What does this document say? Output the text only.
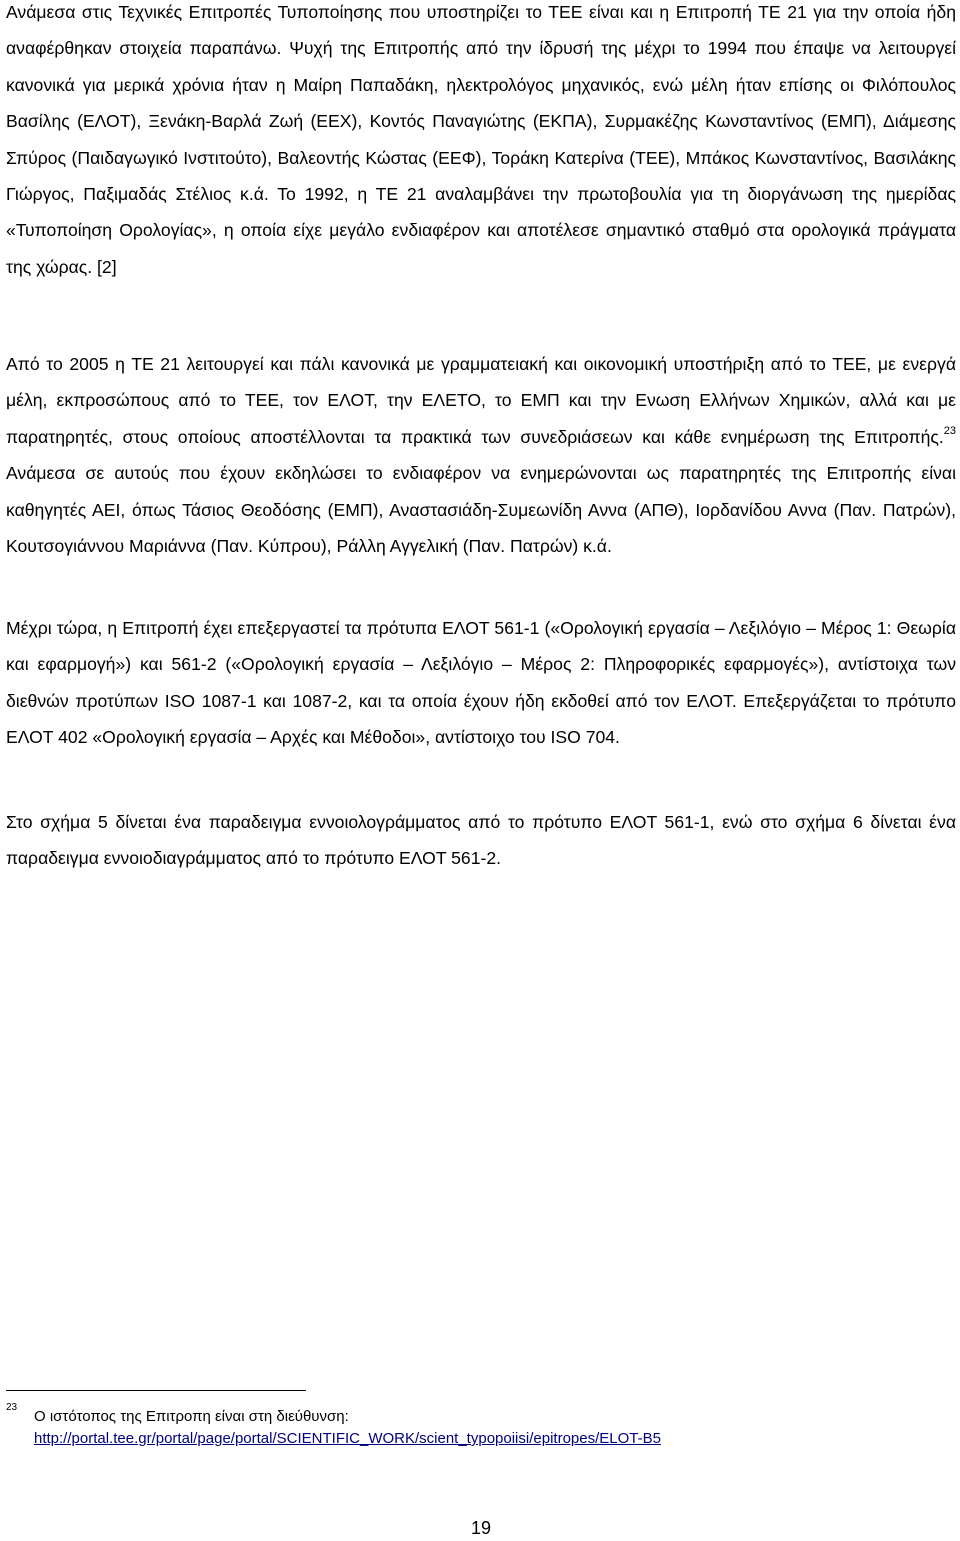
Ανάμεσα στις Τεχνικές Επιτροπές Τυποποίησης που υποστηρίζει το ΤΕΕ είναι και η Επιτροπή ΤΕ 21 για την οποία ήδη αναφέρθηκαν στοιχεία παραπάνω. Ψυχή της Επιτροπής από την ίδρυσή της μέχρι το 1994 που έπαψε να λειτουργεί κανονικά για μερικά χρόνια ήταν η Μαίρη Παπαδάκη, ηλεκτρολόγος μηχανικός, ενώ μέλη ήταν επίσης οι Φιλόπουλος Βασίλης (ΕΛΟΤ), Ξενάκη-Βαρλά Ζωή (ΕΕΧ), Κοντός Παναγιώτης (ΕΚΠΑ), Συρμακέζης Κωνσταντίνος (ΕΜΠ), Διάμεσης Σπύρος (Παιδαγωγικό Ινστιτούτο), Βαλεοντής Κώστας (ΕΕΦ), Τοράκη Κατερίνα (ΤΕΕ), Μπάκος Κωνσταντίνος, Βασιλάκης Γιώργος, Παξιμαδάς Στέλιος κ.ά. Το 1992, η ΤΕ 21 αναλαμβάνει την πρωτοβουλία για τη διοργάνωση της ημερίδας «Τυποποίηση Ορολογίας», η οποία είχε μεγάλο ενδιαφέρον και αποτέλεσε σημαντικό σταθμό στα ορολογικά πράγματα της χώρας. [2]

Από το 2005 η ΤΕ 21 λειτουργεί και πάλι κανονικά με γραμματειακή και οικονομική υποστήριξη από το ΤΕΕ, με ενεργά μέλη, εκπροσώπους από το ΤΕΕ, τον ΕΛΟΤ, την ΕΛΕΤΟ, το ΕΜΠ και την Ενωση Ελλήνων Χημικών, αλλά και με παρατηρητές, στους οποίους αποστέλλονται τα πρακτικά των συνεδριάσεων και κάθε ενημέρωση της Επιτροπής.$^{23}$ Ανάμεσα σε αυτούς που έχουν εκδηλώσει το ενδιαφέρον να ενημερώνονται ως παρατηρητές της Επιτροπής είναι καθηγητές ΑΕΙ, όπως Τάσιος Θεοδόσης (ΕΜΠ), Αναστασιάδη-Συμεωνίδη Αννα (ΑΠΘ), Ιορδανίδου Αννα (Παν. Πατρών), Κουτσογιάννου Μαριάννα (Παν. Κύπρου), Ράλλη Αγγελική (Παν. Πατρών) κ.ά.

Μέχρι τώρα, η Επιτροπή έχει επεξεργαστεί τα πρότυπα ΕΛΟΤ 561-1 («Ορολογική εργασία – Λεξιλόγιο – Μέρος 1: Θεωρία και εφαρμογή») και 561-2 («Ορολογική εργασία – Λεξιλόγιο – Μέρος 2: Πληροφορικές εφαρμογές»), αντίστοιχα των διεθνών προτύπων ISO 1087-1 και 1087-2, και τα οποία έχουν ήδη εκδοθεί από τον ΕΛΟΤ. Επεξεργάζεται το πρότυπο ΕΛΟΤ 402 «Ορολογική εργασία – Αρχές και Μέθοδοι», αντίστοιχο του ISO 704.

Στο σχήμα 5 δίνεται ένα παραδειγμα εννοιολογράμματος από το πρότυπο ΕΛΟΤ 561-1, ενώ στο σχήμα 6 δίνεται ένα παραδειγμα εννοιοδιαγράμματος από το πρότυπο ΕΛΟΤ 561-2.

23
Ο ιστότοπος της Επιτροπη είναι στη διεύθυνση:
http://portal.tee.gr/portal/page/portal/SCIENTIFIC_WORK/scient_typopoiisi/epitropes/ELOT-B5
19
